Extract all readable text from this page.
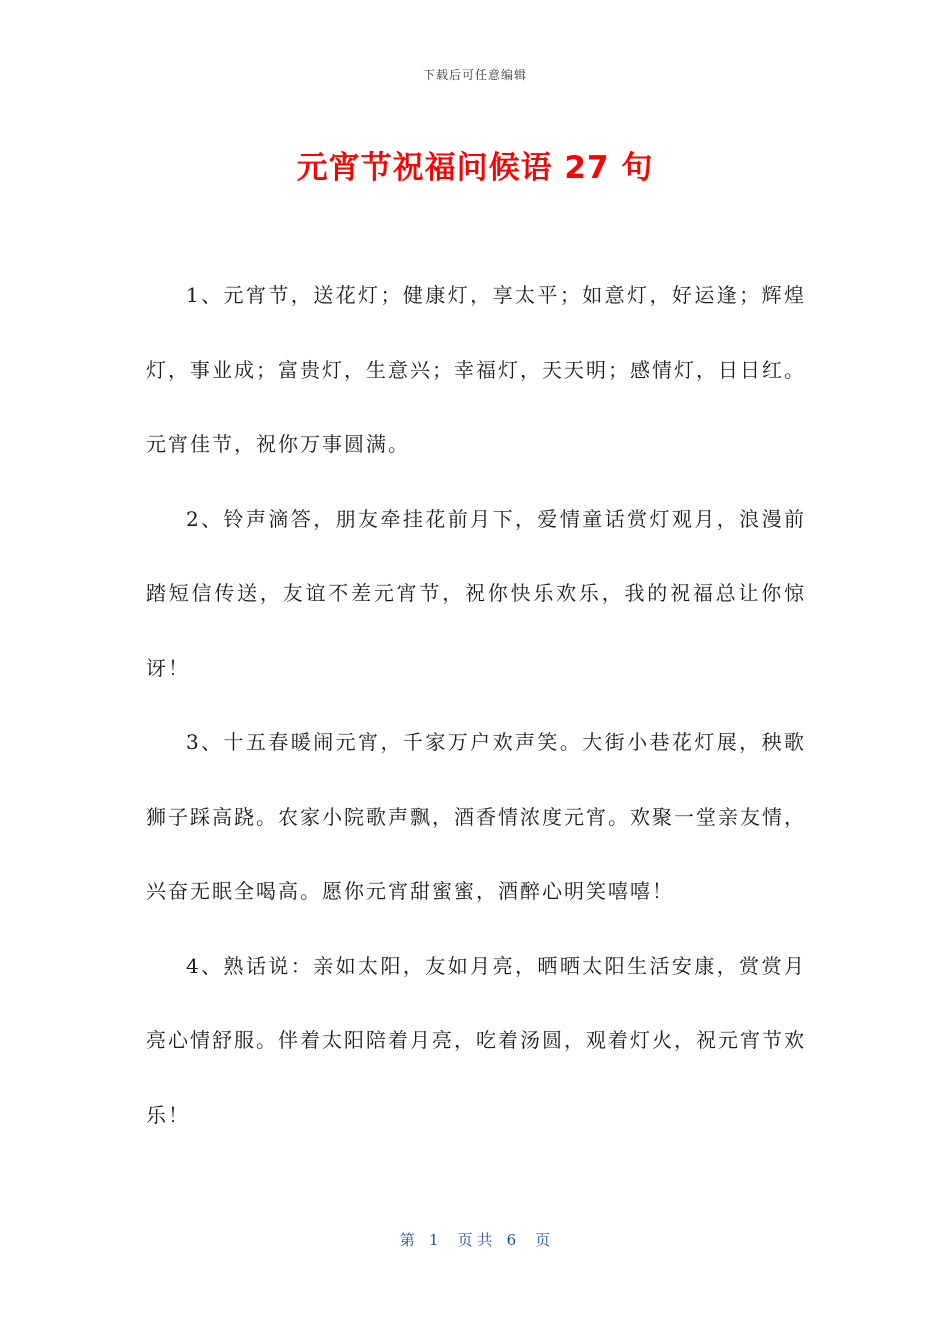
下载后可任意编辑
元宵节祝福问候语 27 句

1、元宵节，送花灯；健康灯，享太平；如意灯，好运逢；辉煌灯，事业成；富贵灯，生意兴；幸福灯，天天明；感情灯，日日红。元宵佳节，祝你万事圆满。

2、铃声滴答，朋友牵挂花前月下，爱情童话赏灯观月，浪漫前踏短信传送，友谊不差元宵节，祝你快乐欢乐，我的祝福总让你惊讶！

3、十五春暖闹元宵，千家万户欢声笑。大街小巷花灯展，秧歌狮子踩高跷。农家小院歌声飘，酒香情浓度元宵。欢聚一堂亲友情，兴奋无眠全喝高。愿你元宵甜蜜蜜，酒醉心明笑嘻嘻！

4、熟话说：亲如太阳，友如月亮，晒晒太阳生活安康，赏赏月亮心情舒服。伴着太阳陪着月亮，吃着汤圆，观着灯火，祝元宵节欢乐！

第   1    页 共   6    页
